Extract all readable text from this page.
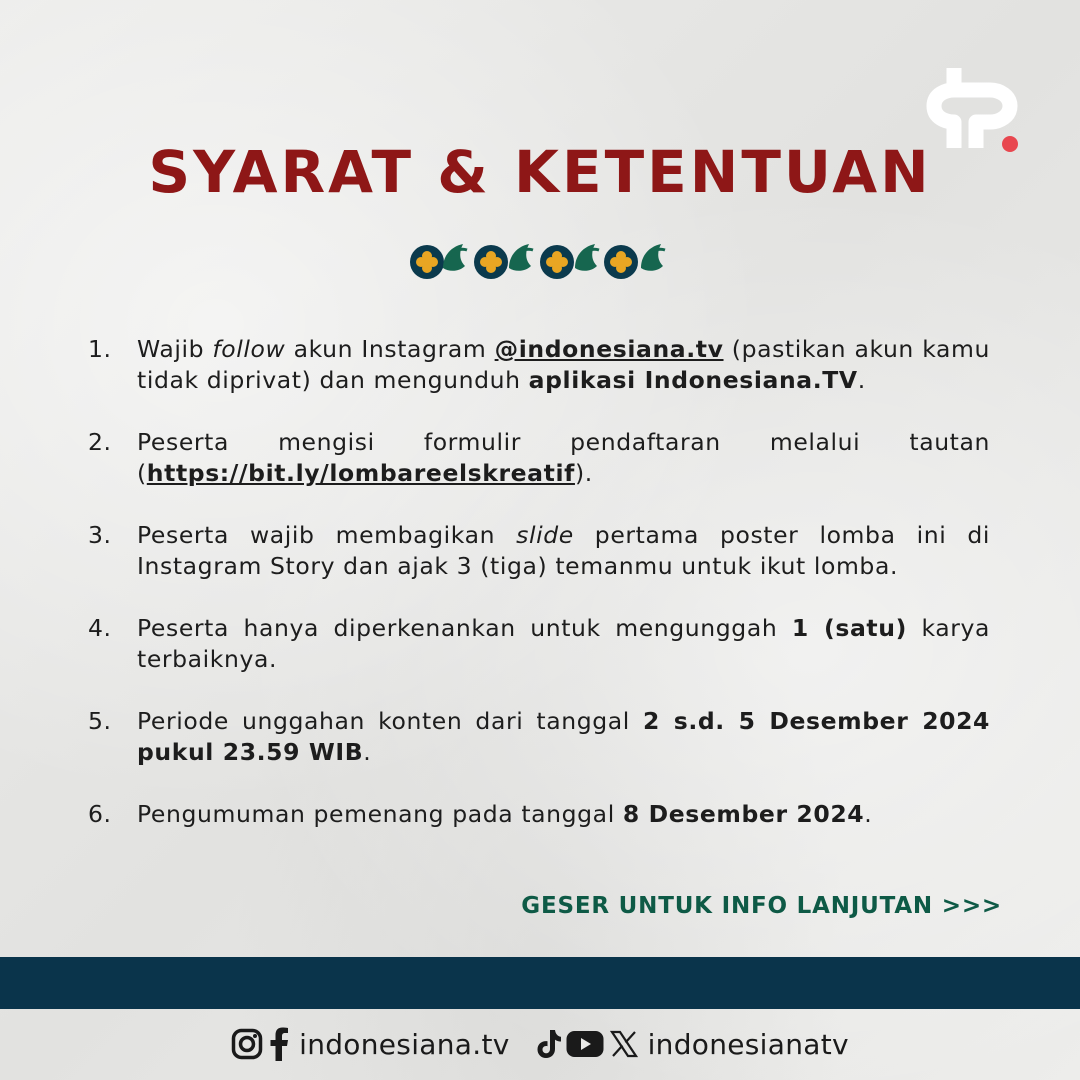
SYARAT & KETENTUAN
1.	Wajib follow akun Instagram @indonesiana.tv (pastikan akun kamu tidak diprivat) dan mengunduh aplikasi Indonesiana.TV.
2.	Peserta mengisi formulir pendaftaran melalui tautan (https://bit.ly/lombareelskreatif).
3.	Peserta wajib membagikan slide pertama poster lomba ini di Instagram Story dan ajak 3 (tiga) temanmu untuk ikut lomba.
4.	Peserta hanya diperkenankan untuk mengunggah 1 (satu) karya terbaiknya.
5.	Periode unggahan konten dari tanggal 2 s.d. 5 Desember 2024 pukul 23.59 WIB.
6.	Pengumuman pemenang pada tanggal 8 Desember 2024.
GESER UNTUK INFO LANJUTAN >>>
indonesiana.tv	indonesianatv
